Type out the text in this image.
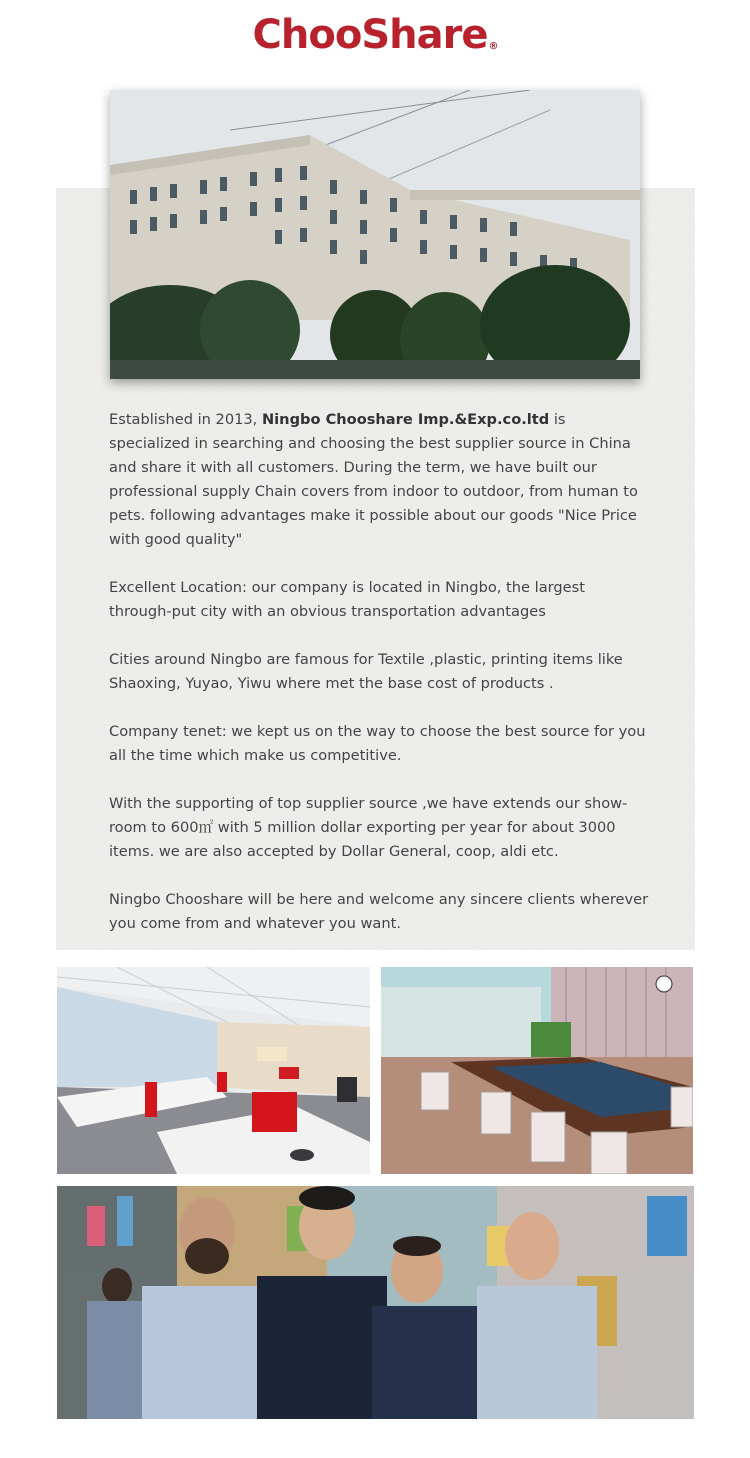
ChooShare®

Established in 2013, Ningbo Chooshare Imp.&Exp.co.ltd is specialized in searching and choosing the best supplier source in China and share it with all customers. During the term, we have built our professional supply Chain covers from indoor to outdoor, from human to pets. following advantages make it possible about our goods "Nice Price with good quality"

Excellent Location: our company is located in Ningbo, the largest through-put city with an obvious transportation advantages

Cities around Ningbo are famous for Textile ,plastic, printing items like Shaoxing, Yuyao, Yiwu where met the base cost of products .

Company tenet: we kept us on the way to choose the best source for you all the time which make us competitive.

With the supporting of top supplier source ,we have extends our show-room to 600㎡ with 5 million dollar exporting per year for about 3000 items. we are also accepted by Dollar General, coop, aldi etc.

Ningbo Chooshare will be here and welcome any sincere clients wherever you come from and whatever you want.
